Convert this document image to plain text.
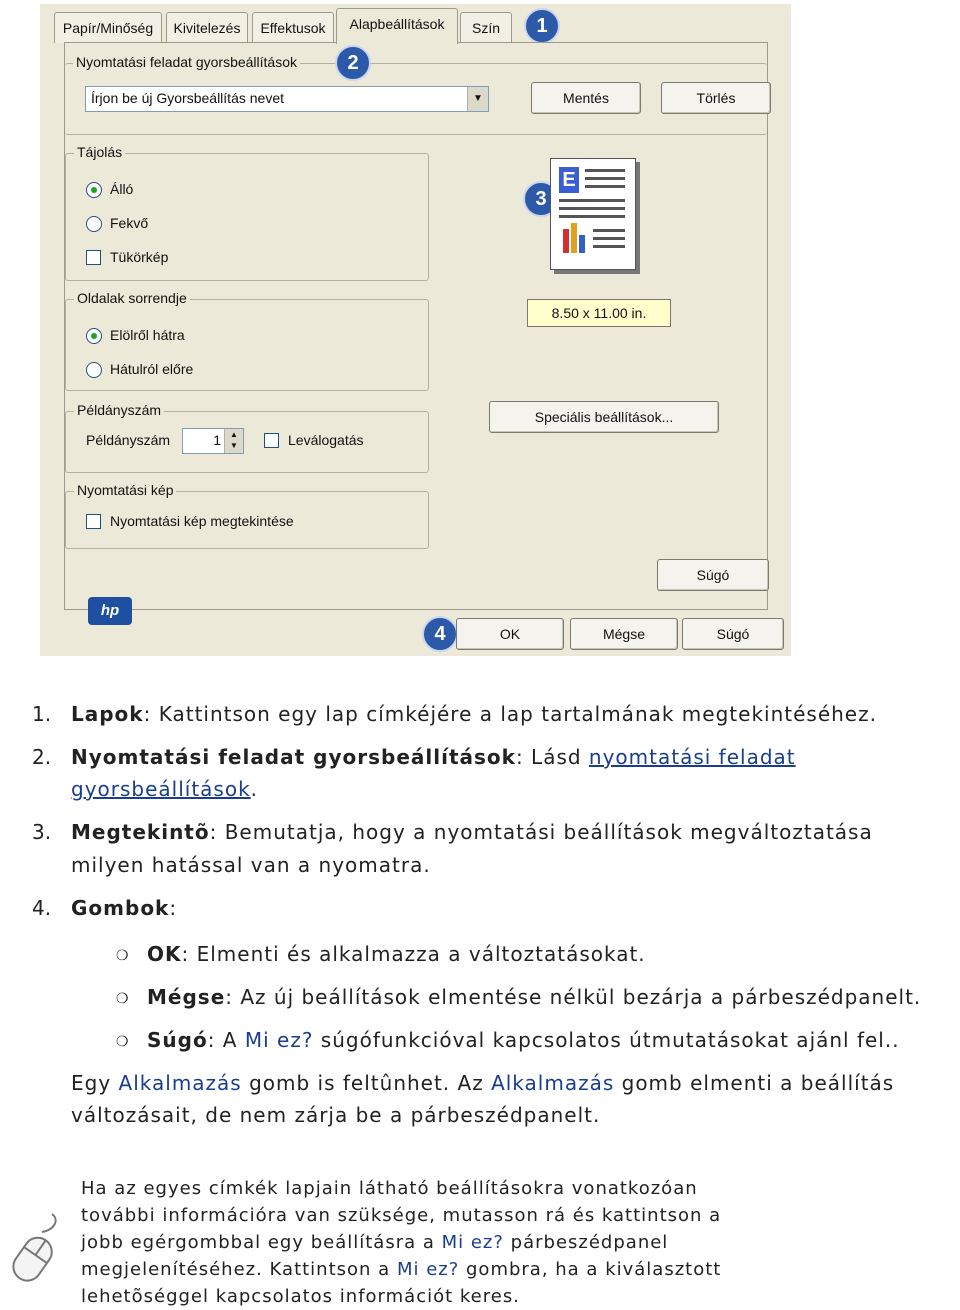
Papír/Minőség	Kivitelezés	Effektusok	Alapbeállítások	Szín	1
Nyomtatási feladat gyorsbeállítások
Írjon be új Gyorsbeállítás nevet	▼	Mentés	Törlés
2
Tájolás
Álló
Fekvő
Tükörkép
Oldalak sorrendje
Elölről hátra
Hátulról előre
Példányszám
Példányszám	1	▲
▼	Leválogatás
Nyomtatási kép
Nyomtatási kép megtekintése
3
E
8.50 x 11.00 in.
Speciális beállítások...
hp
Súgó
4	OK	Mégse	Súgó
1. Lapok: Kattintson egy lap címkéjére a lap tartalmának megtekintéséhez.
2. Nyomtatási feladat gyorsbeállítások: Lásd nyomtatási feladat
gyorsbeállítások.
3. Megtekintõ: Bemutatja, hogy a nyomtatási beállítások megváltoztatása
milyen hatással van a nyomatra.
4. Gombok:
❍ OK: Elmenti és alkalmazza a változtatásokat.
❍ Mégse: Az új beállítások elmentése nélkül bezárja a párbeszédpanelt.
❍ Súgó: A Mi ez? súgófunkcióval kapcsolatos útmutatásokat ajánl fel..
Egy Alkalmazás gomb is feltûnhet. Az Alkalmazás gomb elmenti a beállítás
változásait, de nem zárja be a párbeszédpanelt.
Ha az egyes címkék lapjain látható beállításokra vonatkozóan
további információra van szüksége, mutasson rá és kattintson a
jobb egérgombbal egy beállításra a Mi ez? párbeszédpanel
megjelenítéséhez. Kattintson a Mi ez? gombra, ha a kiválasztott
lehetõséggel kapcsolatos információt keres.
